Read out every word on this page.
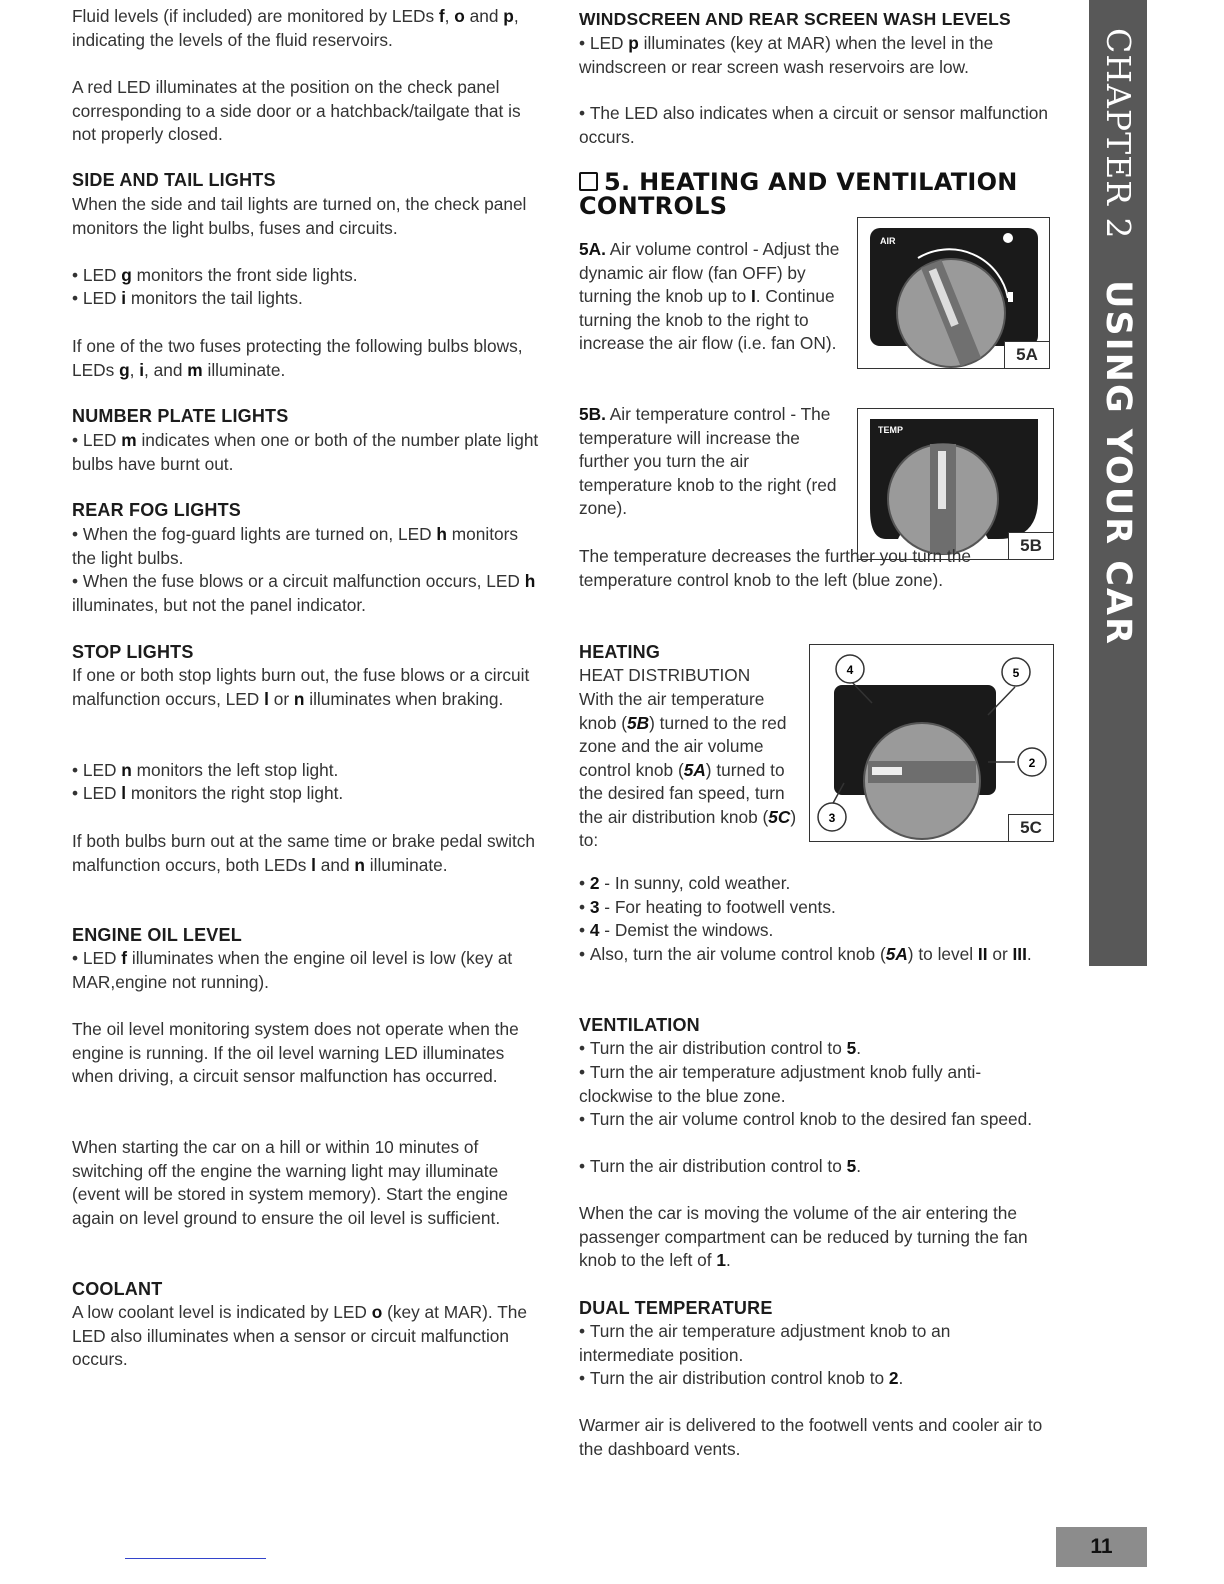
Fluid levels (if included) are monitored by LEDs f, o and p, indicating the levels of the fluid reservoirs.

A red LED illuminates at the position on the check panel corresponding to a side door or a hatchback/tailgate that is not properly closed.

SIDE AND TAIL LIGHTS

When the side and tail lights are turned on, the check panel monitors the light bulbs, fuses and circuits.

• LED g monitors the front side lights.

• LED i monitors the tail lights.

If one of the two fuses protecting the following bulbs blows, LEDs g, i, and m illuminate.

NUMBER PLATE LIGHTS

• LED m indicates when one or both of the number plate light bulbs have burnt out.

REAR FOG LIGHTS

• When the fog-guard lights are turned on, LED h monitors the light bulbs.

• When the fuse blows or a circuit malfunction occurs, LED h illuminates, but not the panel indicator.

STOP LIGHTS

If one or both stop lights burn out, the fuse blows or a circuit malfunction occurs, LED l or n illuminates when braking.

• LED n monitors the left stop light.

• LED l monitors the right stop light.

If both bulbs burn out at the same time or brake pedal switch malfunction occurs, both LEDs l and n illuminate.

ENGINE OIL LEVEL

• LED f illuminates when the engine oil level is low (key at MAR,engine not running).

The oil level monitoring system does not operate when the engine is running. If the oil level warning LED illuminates when driving, a circuit sensor malfunction has occurred.

When starting the car on a hill or within 10 minutes of switching off the engine the warning light may illuminate (event will be stored in system memory). Start the engine again on level ground to ensure the oil level is sufficient.

COOLANT

A low coolant level is indicated by LED o (key at MAR). The LED also illuminates when a sensor or circuit malfunction occurs.

WINDSCREEN AND REAR SCREEN WASH LEVELS

• LED p illuminates (key at MAR) when the level in the windscreen or rear screen wash reservoirs are low.

• The LED also indicates when a circuit or sensor malfunction occurs.

5. HEATING AND VENTILATION
CONTROLS

5A. Air volume control - Adjust the dynamic air flow (fan OFF) by turning the knob up to I. Continue turning the knob to the right to increase the air flow (i.e. fan ON).

AIR
5A

5B. Air temperature control - The temperature will increase the further you turn the air temperature knob to the right (red zone).

TEMP
5B

The temperature decreases the further you turn the temperature control knob to the left (blue zone).

HEATING

HEAT DISTRIBUTION

With the air temperature knob (5B) turned to the red zone and the air volume control knob (5A) turned to the desired fan speed, turn the air distribution knob (5C) to:

4	5
2
3	5C

• 2 - In sunny, cold weather.

• 3 - For heating to footwell vents.

• 4 - Demist the windows.

• Also, turn the air volume control knob (5A) to level II or III.

VENTILATION

• Turn the air distribution control to 5.

• Turn the air temperature adjustment knob fully anti-clockwise to the blue zone.

• Turn the air volume control knob to the desired fan speed.

• Turn the air distribution control to 5.

When the car is moving the volume of the air entering the passenger compartment can be reduced by turning the fan knob to the left of 1.

DUAL TEMPERATURE

• Turn the air temperature adjustment knob to an intermediate position.

• Turn the air distribution control knob to 2.

Warmer air is delivered to the footwell vents and cooler air to the dashboard vents.

CHAPTER 2 USING YOUR CAR
11
